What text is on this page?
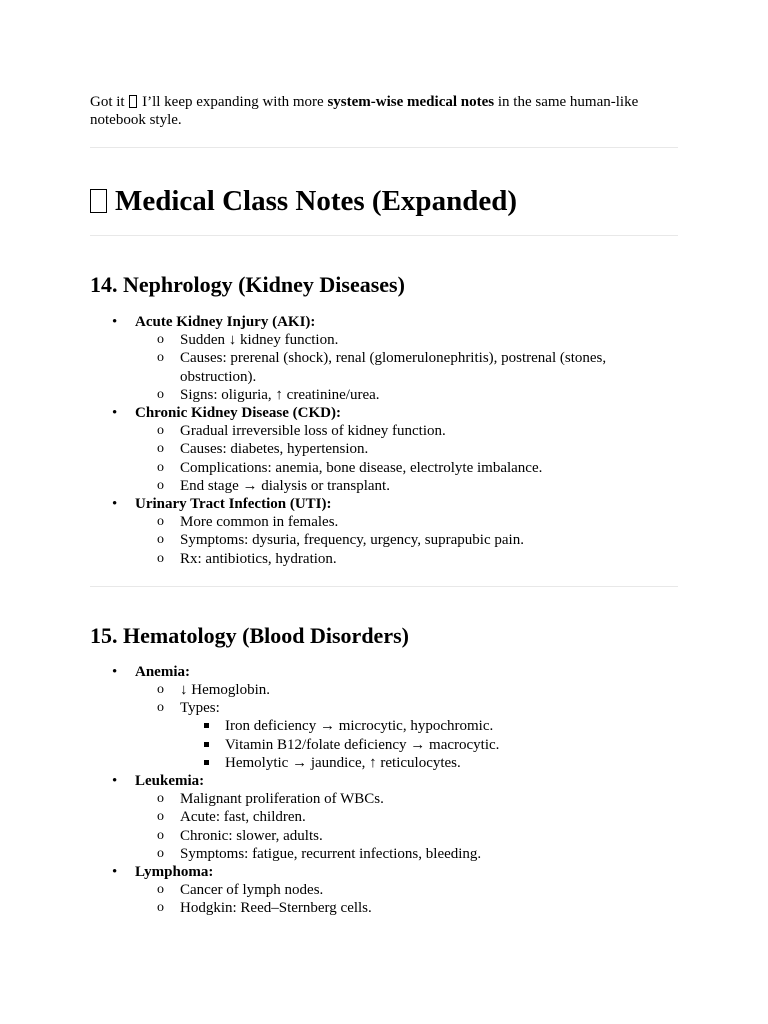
Got it I’ll keep expanding with more system-wise medical notes in the same human-like notebook style.

Medical Class Notes (Expanded)
14. Nephrology (Kidney Diseases)
• Acute Kidney Injury (AKI):
o Sudden ↓ kidney function.
o Causes: prerenal (shock), renal (glomerulonephritis), postrenal (stones, obstruction).
o Signs: oliguria, ↑ creatinine/urea.
• Chronic Kidney Disease (CKD):
o Gradual irreversible loss of kidney function.
o Causes: diabetes, hypertension.
o Complications: anemia, bone disease, electrolyte imbalance.
o End stage → dialysis or transplant.
• Urinary Tract Infection (UTI):
o More common in females.
o Symptoms: dysuria, frequency, urgency, suprapubic pain.
o Rx: antibiotics, hydration.
15. Hematology (Blood Disorders)
• Anemia:
o ↓ Hemoglobin.
o Types:
Iron deficiency → microcytic, hypochromic.
Vitamin B12/folate deficiency → macrocytic.
Hemolytic → jaundice, ↑ reticulocytes.
• Leukemia:
o Malignant proliferation of WBCs.
o Acute: fast, children.
o Chronic: slower, adults.
o Symptoms: fatigue, recurrent infections, bleeding.
• Lymphoma:
o Cancer of lymph nodes.
o Hodgkin: Reed–Sternberg cells.
